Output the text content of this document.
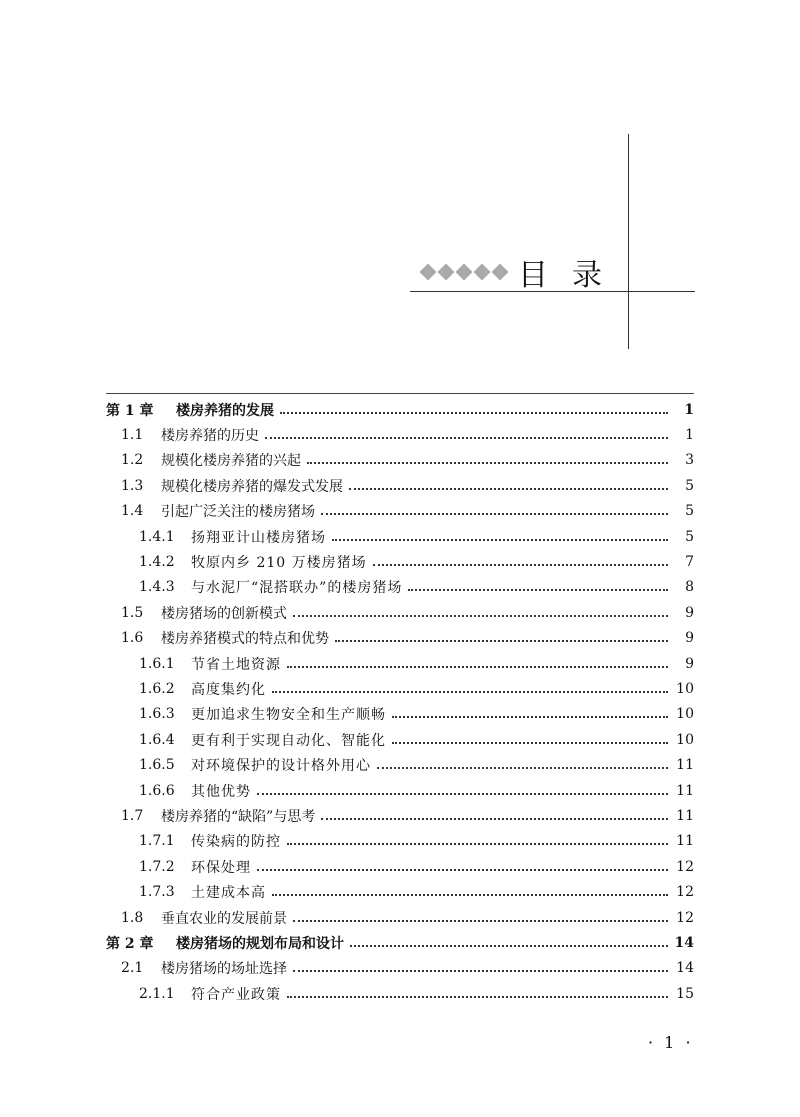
目录
第 1 章	楼房养猪的发展	1
1.1	楼房养猪的历史	1
1.2	规模化楼房养猪的兴起	3
1.3	规模化楼房养猪的爆发式发展	5
1.4	引起广泛关注的楼房猪场	5
1.4.1	扬翔亚计山楼房猪场	5
1.4.2	牧原内乡 210 万楼房猪场	7
1.4.3	与水泥厂“混搭联办”的楼房猪场	8
1.5	楼房猪场的创新模式	9
1.6	楼房养猪模式的特点和优势	9
1.6.1	节省土地资源	9
1.6.2	高度集约化	10
1.6.3	更加追求生物安全和生产顺畅	10
1.6.4	更有利于实现自动化、智能化	10
1.6.5	对环境保护的设计格外用心	11
1.6.6	其他优势	11
1.7	楼房养猪的“缺陷”与思考	11
1.7.1	传染病的防控	11
1.7.2	环保处理	12
1.7.3	土建成本高	12
1.8	垂直农业的发展前景	12
第 2 章	楼房猪场的规划布局和设计	14
2.1	楼房猪场的场址选择	14
2.1.1	符合产业政策	15
· 1 ·
